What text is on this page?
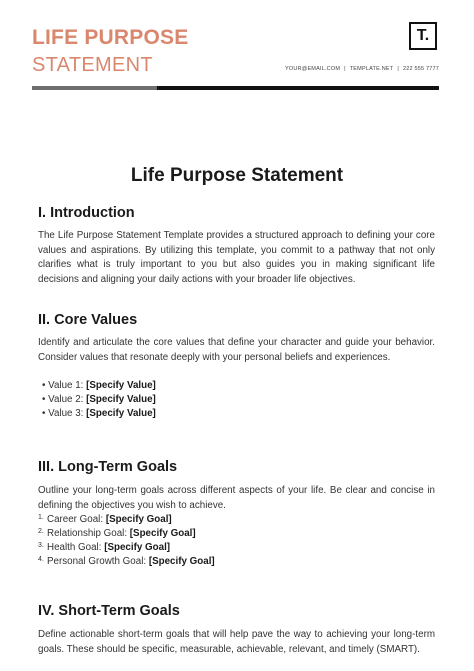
LIFE PURPOSE
STATEMENT
T.
YOUR@EMAIL.COM | TEMPLATE.NET | 222 555 7777
Life Purpose Statement
I. Introduction

The Life Purpose Statement Template provides a structured approach to defining your core values and aspirations. By utilizing this template, you commit to a pathway that not only clarifies what is truly important to you but also guides you in making significant life decisions and aligning your daily actions with your broader life objectives.

II. Core Values

Identify and articulate the core values that define your character and guide your behavior. Consider values that resonate deeply with your personal beliefs and experiences.

• Value 1: [Specify Value]
• Value 2: [Specify Value]
• Value 3: [Specify Value]
III. Long-Term Goals

Outline your long-term goals across different aspects of your life. Be clear and concise in defining the objectives you wish to achieve.

1. Career Goal: [Specify Goal]
2. Relationship Goal: [Specify Goal]
3. Health Goal: [Specify Goal]
4. Personal Growth Goal: [Specify Goal]
IV. Short-Term Goals

Define actionable short-term goals that will help pave the way to achieving your long-term goals. These should be specific, measurable, achievable, relevant, and timely (SMART).
